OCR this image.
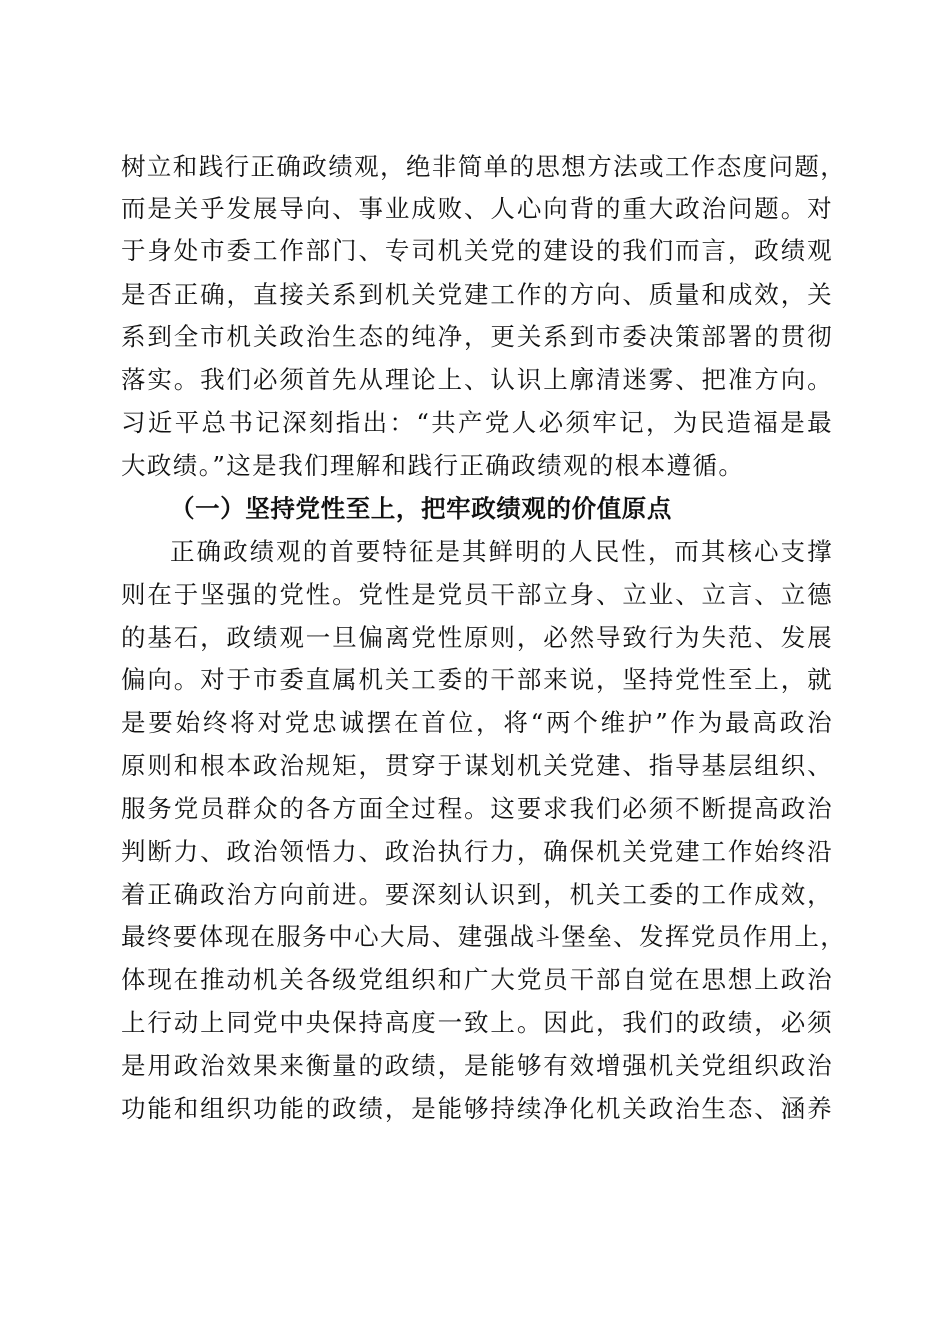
树立和践行正确政绩观，绝非简单的思想方法或工作态度问题，
而是关乎发展导向、事业成败、人心向背的重大政治问题。对
于身处市委工作部门、专司机关党的建设的我们而言，政绩观
是否正确，直接关系到机关党建工作的方向、质量和成效，关
系到全市机关政治生态的纯净，更关系到市委决策部署的贯彻
落实。我们必须首先从理论上、认识上廓清迷雾、把准方向。
习近平总书记深刻指出：“共产党人必须牢记，为民造福是最
大政绩。”这是我们理解和践行正确政绩观的根本遵循。
（一）坚持党性至上，把牢政绩观的价值原点
正确政绩观的首要特征是其鲜明的人民性，而其核心支撑
则在于坚强的党性。党性是党员干部立身、立业、立言、立德
的基石，政绩观一旦偏离党性原则，必然导致行为失范、发展
偏向。对于市委直属机关工委的干部来说，坚持党性至上，就
是要始终将对党忠诚摆在首位，将“两个维护”作为最高政治
原则和根本政治规矩，贯穿于谋划机关党建、指导基层组织、
服务党员群众的各方面全过程。这要求我们必须不断提高政治
判断力、政治领悟力、政治执行力，确保机关党建工作始终沿
着正确政治方向前进。要深刻认识到，机关工委的工作成效，
最终要体现在服务中心大局、建强战斗堡垒、发挥党员作用上，
体现在推动机关各级党组织和广大党员干部自觉在思想上政治
上行动上同党中央保持高度一致上。因此，我们的政绩，必须
是用政治效果来衡量的政绩，是能够有效增强机关党组织政治
功能和组织功能的政绩，是能够持续净化机关政治生态、涵养
